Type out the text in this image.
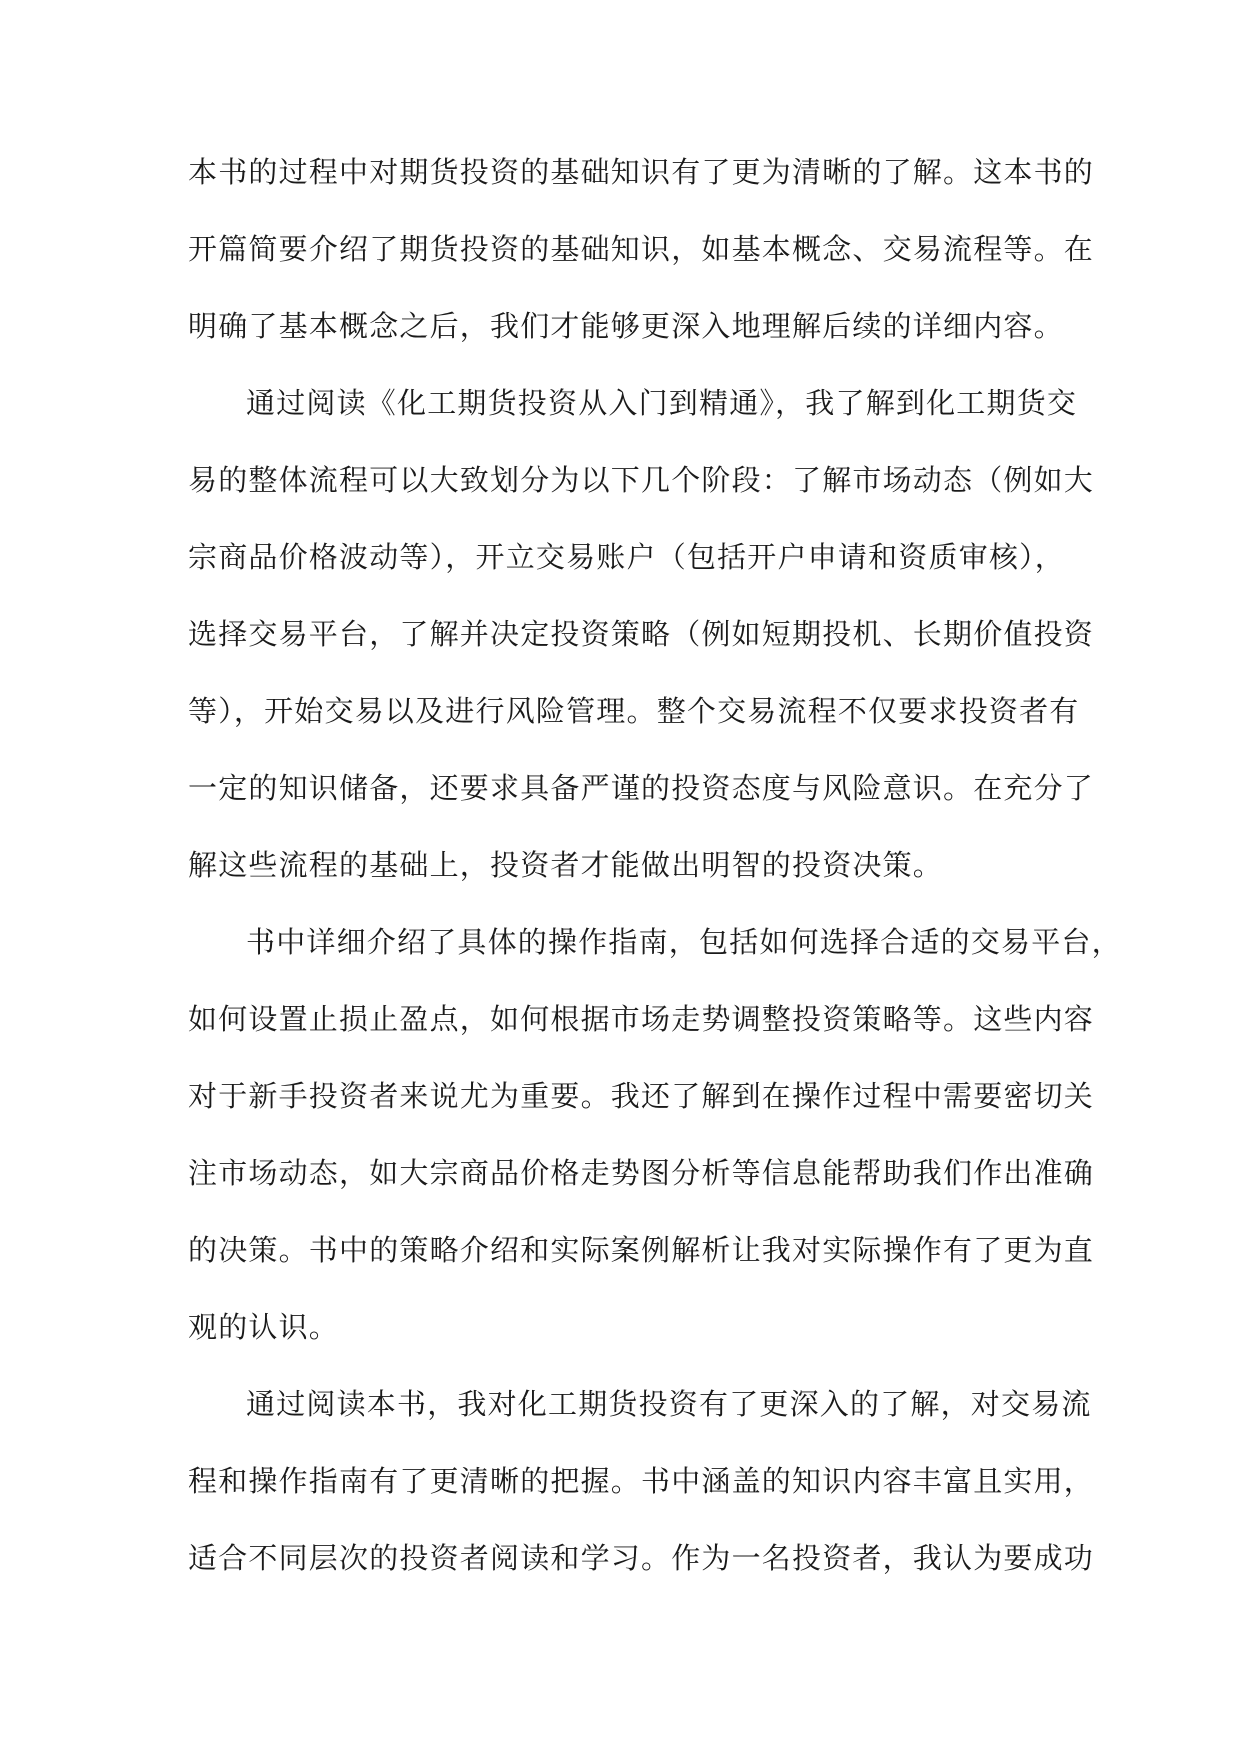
本书的过程中对期货投资的基础知识有了更为清晰的了解。这本书的
开篇简要介绍了期货投资的基础知识，如基本概念、交易流程等。在
明确了基本概念之后，我们才能够更深入地理解后续的详细内容。
通过阅读《化工期货投资从入门到精通》，我了解到化工期货交
易的整体流程可以大致划分为以下几个阶段：了解市场动态（例如大
宗商品价格波动等），开立交易账户（包括开户申请和资质审核），
选择交易平台，了解并决定投资策略（例如短期投机、长期价值投资
等），开始交易以及进行风险管理。整个交易流程不仅要求投资者有
一定的知识储备，还要求具备严谨的投资态度与风险意识。在充分了
解这些流程的基础上，投资者才能做出明智的投资决策。
书中详细介绍了具体的操作指南，包括如何选择合适的交易平台，
如何设置止损止盈点，如何根据市场走势调整投资策略等。这些内容
对于新手投资者来说尤为重要。我还了解到在操作过程中需要密切关
注市场动态，如大宗商品价格走势图分析等信息能帮助我们作出准确
的决策。书中的策略介绍和实际案例解析让我对实际操作有了更为直
观的认识。
通过阅读本书，我对化工期货投资有了更深入的了解，对交易流
程和操作指南有了更清晰的把握。书中涵盖的知识内容丰富且实用，
适合不同层次的投资者阅读和学习。作为一名投资者，我认为要成功
